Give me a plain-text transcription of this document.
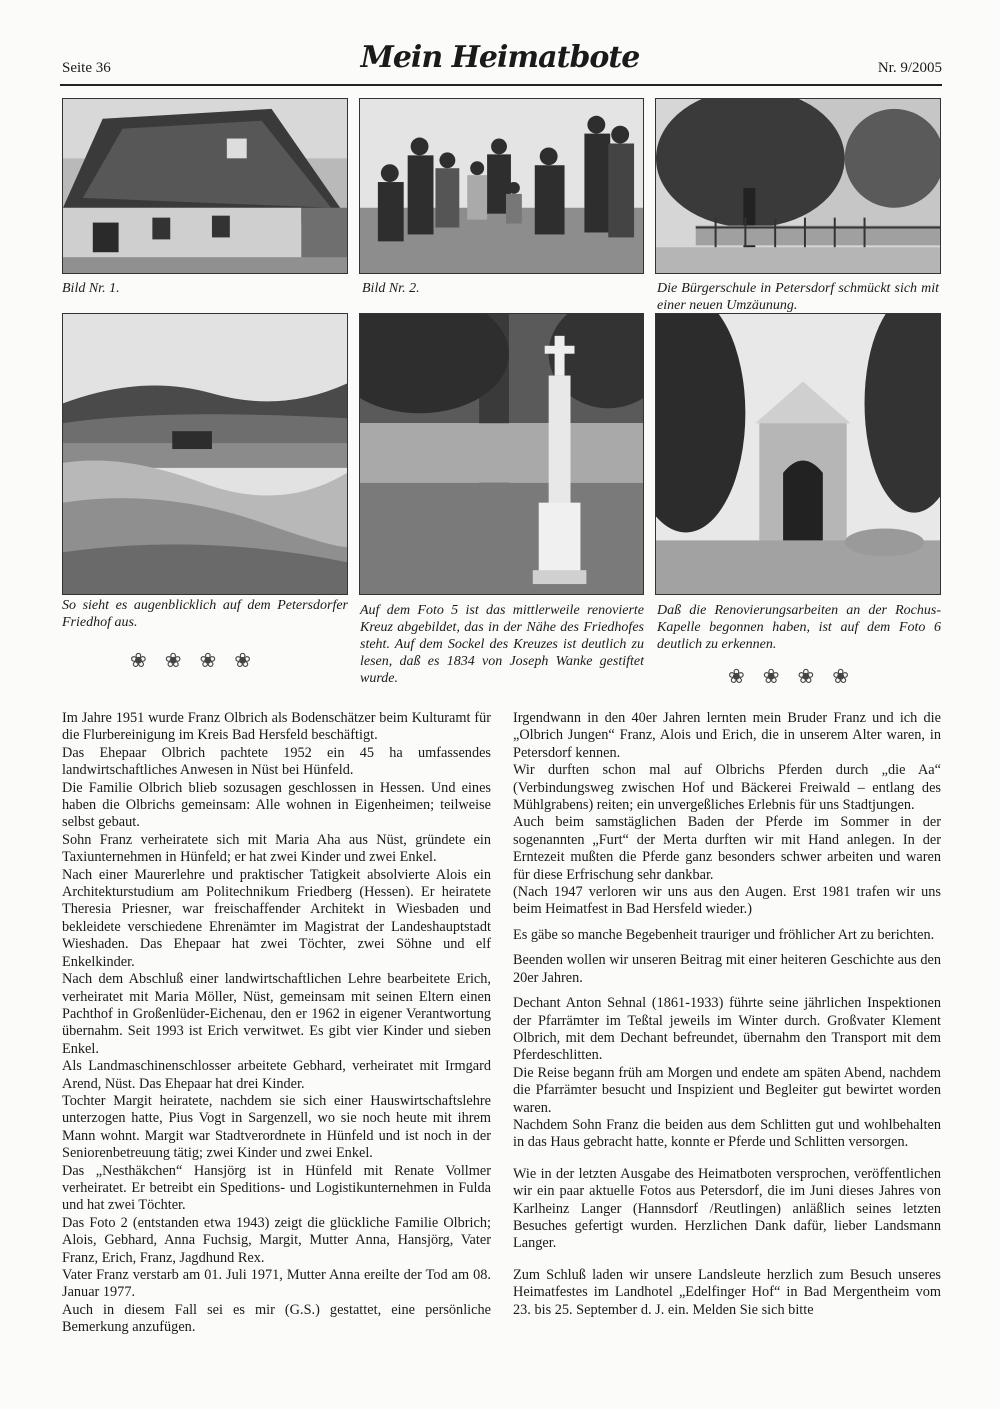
Seite 36	Mein Heimatbote	Nr. 9/2005
Bild Nr. 1.	Bild Nr. 2.	Die Bürgerschule in Petersdorf schmückt sich mit einer neuen Umzäunung.
So sieht es augenblicklich auf dem Petersdorfer Friedhof aus.
❀❀❀❀
Auf dem Foto 5 ist das mittlerweile renovierte Kreuz abgebildet, das in der Nähe des Friedhofes steht. Auf dem Sockel des Kreuzes ist deutlich zu lesen, daß es 1834 von Joseph Wanke gestiftet wurde.
Daß die Renovierungsarbeiten an der Rochus-Kapelle begonnen haben, ist auf dem Foto 6 deutlich zu erkennen.
❀❀❀❀

Im Jahre 1951 wurde Franz Olbrich als Bodenschätzer beim Kulturamt für die Flurbereinigung im Kreis Bad Hersfeld beschäftigt.

Das Ehepaar Olbrich pachtete 1952 ein 45 ha umfassendes landwirtschaftliches Anwesen in Nüst bei Hünfeld.

Die Familie Olbrich blieb sozusagen geschlossen in Hessen. Und eines haben die Olbrichs gemeinsam: Alle wohnen in Eigenheimen; teilweise selbst gebaut.

Sohn Franz verheiratete sich mit Maria Aha aus Nüst, gründete ein Taxiunternehmen in Hünfeld; er hat zwei Kinder und zwei Enkel.

Nach einer Maurerlehre und praktischer Tatigkeit absolvierte Alois ein Architekturstudium am Politechnikum Friedberg (Hessen). Er heiratete Theresia Priesner, war freischaffender Architekt in Wiesbaden und bekleidete verschiedene Ehrenämter im Magistrat der Landeshauptstadt Wieshaden. Das Ehepaar hat zwei Töchter, zwei Söhne und elf Enkelkinder.

Nach dem Abschluß einer landwirtschaftlichen Lehre bearbeitete Erich, verheiratet mit Maria Möller, Nüst, gemeinsam mit seinen Eltern einen Pachthof in Großenlüder-Eichenau, den er 1962 in eigener Verantwortung übernahm. Seit 1993 ist Erich verwitwet. Es gibt vier Kinder und sieben Enkel.

Als Landmaschinenschlosser arbeitete Gebhard, verheiratet mit Irmgard Arend, Nüst. Das Ehepaar hat drei Kinder.

Tochter Margit heiratete, nachdem sie sich einer Hauswirtschaftslehre unterzogen hatte, Pius Vogt in Sargenzell, wo sie noch heute mit ihrem Mann wohnt. Margit war Stadtverordnete in Hünfeld und ist noch in der Seniorenbetreuung tätig; zwei Kinder und zwei Enkel.

Das „Nesthäkchen“ Hansjörg ist in Hünfeld mit Renate Vollmer verheiratet. Er betreibt ein Speditions- und Logistikunternehmen in Fulda und hat zwei Töchter.

Das Foto 2 (entstanden etwa 1943) zeigt die glückliche Familie Olbrich; Alois, Gebhard, Anna Fuchsig, Margit, Mutter Anna, Hansjörg, Vater Franz, Erich, Franz, Jagdhund Rex.

Vater Franz verstarb am 01. Juli 1971, Mutter Anna ereilte der Tod am 08. Januar 1977.

Auch in diesem Fall sei es mir (G.S.) gestattet, eine persönliche Bemerkung anzufügen.

Irgendwann in den 40er Jahren lernten mein Bruder Franz und ich die „Olbrich Jungen“ Franz, Alois und Erich, die in unserem Alter waren, in Petersdorf kennen.

Wir durften schon mal auf Olbrichs Pferden durch „die Aa“ (Verbindungsweg zwischen Hof und Bäckerei Freiwald – entlang des Mühlgrabens) reiten; ein unvergeßliches Erlebnis für uns Stadtjungen.

Auch beim samstäglichen Baden der Pferde im Sommer in der sogenannten „Furt“ der Merta durften wir mit Hand anlegen. In der Erntezeit mußten die Pferde ganz besonders schwer arbeiten und waren für diese Erfrischung sehr dankbar.

(Nach 1947 verloren wir uns aus den Augen. Erst 1981 trafen wir uns beim Heimatfest in Bad Hersfeld wieder.)

Es gäbe so manche Begebenheit trauriger und fröhlicher Art zu berichten.

Beenden wollen wir unseren Beitrag mit einer heiteren Geschichte aus den 20er Jahren.

Dechant Anton Sehnal (1861-1933) führte seine jährlichen Inspektionen der Pfarrämter im Teßtal jeweils im Winter durch. Großvater Klement Olbrich, mit dem Dechant befreundet, übernahm den Transport mit dem Pferdeschlitten.

Die Reise begann früh am Morgen und endete am späten Abend, nachdem die Pfarrämter besucht und Inspizient und Begleiter gut bewirtet worden waren.

Nachdem Sohn Franz die beiden aus dem Schlitten gut und wohlbehalten in das Haus gebracht hatte, konnte er Pferde und Schlitten versorgen.

Wie in der letzten Ausgabe des Heimatboten versprochen, veröffentlichen wir ein paar aktuelle Fotos aus Petersdorf, die im Juni dieses Jahres von Karlheinz Langer (Hannsdorf /Reutlingen) anläßlich seines letzten Besuches gefertigt wurden. Herzlichen Dank dafür, lieber Landsmann Langer.

Zum Schluß laden wir unsere Landsleute herzlich zum Besuch unseres Heimatfestes im Landhotel „Edelfinger Hof“ in Bad Mergentheim vom 23. bis 25. September d. J. ein. Melden Sie sich bitte
